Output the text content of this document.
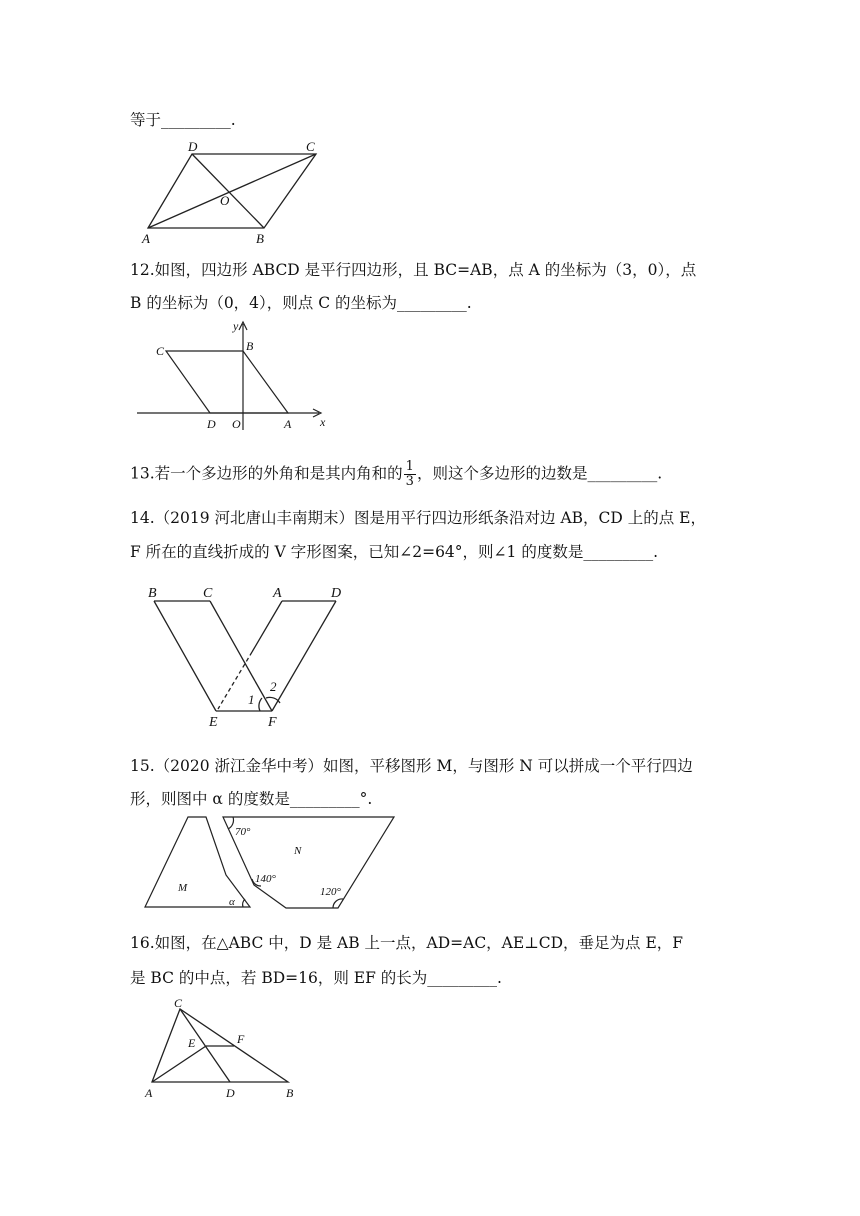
等于_________.
D	C
O
A	B
12.如图，四边形 ABCD 是平行四边形，且 BC=AB，点 A 的坐标为（3，0），点
B 的坐标为（0，4），则点 C 的坐标为_________.
y
C	B
D O	A x
13.若一个多边形的外角和是其内角和的 $\frac{1}{3}$ ，则这个多边形的边数是_________.
14.（2019 河北唐山丰南期末）图是用平行四边形纸条沿对边 AB，CD 上的点 E，
F 所在的直线折成的 V 字形图案，已知∠2=64°，则∠1 的度数是_________.
B	C	A	D
1
2
E	F
15.（2020 浙江金华中考）如图，平移图形 M，与图形 N 可以拼成一个平行四边
形，则图中 α 的度数是_________°.
70°
N
140°
M	120°
α
16.如图，在△ABC 中，D 是 AB 上一点，AD=AC，AE⊥CD，垂足为点 E，F
是 BC 的中点，若 BD=16，则 EF 的长为_________.
C
E	F
A	D	B
